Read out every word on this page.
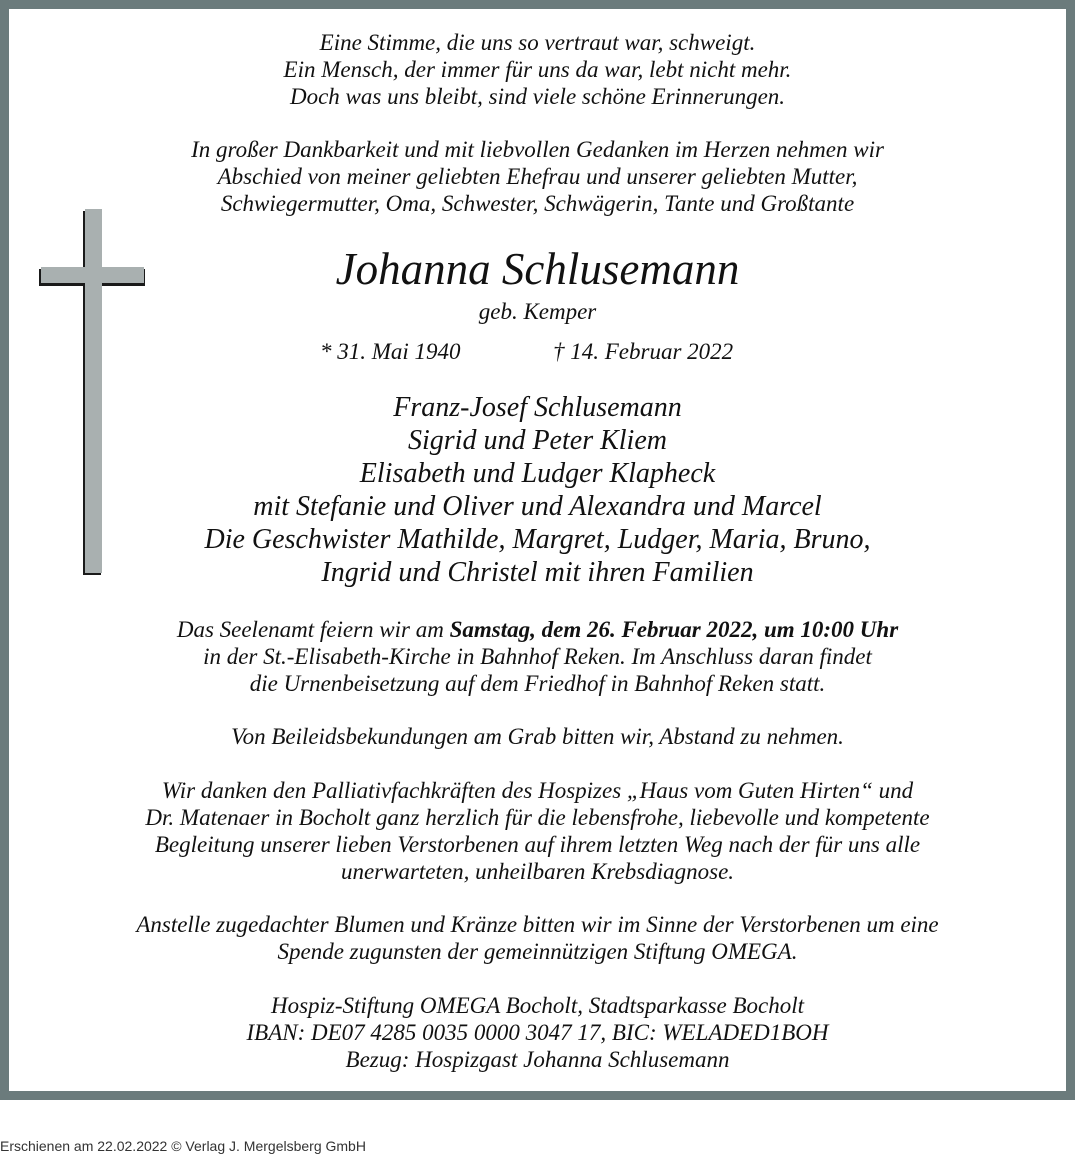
Eine Stimme, die uns so vertraut war, schweigt.
Ein Mensch, der immer für uns da war, lebt nicht mehr.
Doch was uns bleibt, sind viele schöne Erinnerungen.
In großer Dankbarkeit und mit liebvollen Gedanken im Herzen nehmen wir
Abschied von meiner geliebten Ehefrau und unserer geliebten Mutter,
Schwiegermutter, Oma, Schwester, Schwägerin, Tante und Großtante
Johanna Schlusemann
geb. Kemper
* 31. Mai 1940	† 14. Februar 2022
Franz-Josef Schlusemann
Sigrid und Peter Kliem
Elisabeth und Ludger Klapheck
mit Stefanie und Oliver und Alexandra und Marcel
Die Geschwister Mathilde, Margret, Ludger, Maria, Bruno,
Ingrid und Christel mit ihren Familien
Das Seelenamt feiern wir am Samstag, dem 26. Februar 2022, um 10:00 Uhr
in der St.-Elisabeth-Kirche in Bahnhof Reken. Im Anschluss daran findet
die Urnenbeisetzung auf dem Friedhof in Bahnhof Reken statt.
Von Beileidsbekundungen am Grab bitten wir, Abstand zu nehmen.
Wir danken den Palliativfachkräften des Hospizes „Haus vom Guten Hirten“ und
Dr. Matenaer in Bocholt ganz herzlich für die lebensfrohe, liebevolle und kompetente
Begleitung unserer lieben Verstorbenen auf ihrem letzten Weg nach der für uns alle
unerwarteten, unheilbaren Krebsdiagnose.
Anstelle zugedachter Blumen und Kränze bitten wir im Sinne der Verstorbenen um eine
Spende zugunsten der gemeinnützigen Stiftung OMEGA.
Hospiz-Stiftung OMEGA Bocholt, Stadtsparkasse Bocholt
IBAN: DE07 4285 0035 0000 3047 17, BIC: WELADED1BOH
Bezug: Hospizgast Johanna Schlusemann
Erschienen am 22.02.2022 © Verlag J. Mergelsberg GmbH
